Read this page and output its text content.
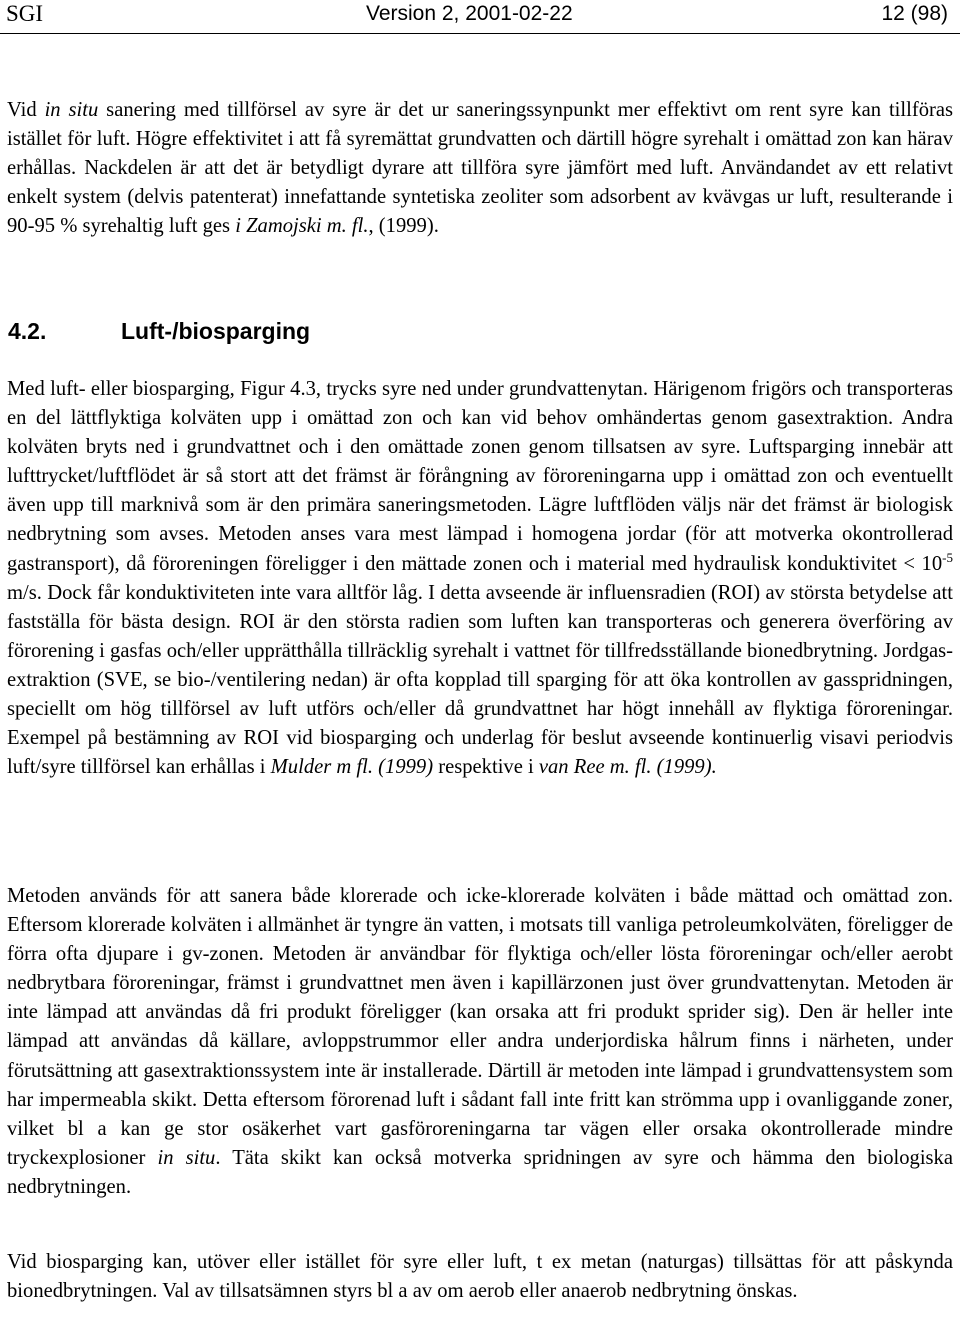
SGI	Version 2, 2001-02-22	12 (98)
Vid in situ sanering med tillförsel av syre är det ur saneringssynpunkt mer effektivt om rent syre kan tillföras istället för luft. Högre effektivitet i att få syremättat grundvatten och därtill högre syrehalt i omättad zon kan härav erhållas. Nackdelen är att det är betydligt dyrare att tillföra syre jämfört med luft. Användandet av ett relativt enkelt system (delvis patenterat) innefattande syntetiska zeoliter som adsorbent av kvävgas ur luft, resulterande i 90-95 % syrehaltig luft ges i Zamojski m. fl., (1999).
4.2.	Luft-/biosparging
Med luft- eller biosparging, Figur 4.3, trycks syre ned under grundvattenytan. Härigenom frigörs och transporteras en del lättflyktiga kolväten upp i omättad zon och kan vid behov omhändertas genom gasextraktion. Andra kolväten bryts ned i grundvattnet och i den omättade zonen genom tillsatsen av syre. Luftsparging innebär att lufttrycket/luftflödet är så stort att det främst är förångning av föroreningarna upp i omättad zon och eventuellt även upp till marknivå som är den primära saneringsmetoden. Lägre luftflöden väljs när det främst är biologisk nedbrytning som avses. Metoden anses vara mest lämpad i homogena jordar (för att motverka okontrollerad gastransport), då föroreningen föreligger i den mättade zonen och i material med hydraulisk konduktivitet < $10^{-5}$ m/s. Dock får konduktiviteten inte vara alltför låg. I detta avseende är influensradien (ROI) av största betydelse att fastställa för bästa design. ROI är den största radien som luften kan transporteras och generera överföring av förorening i gasfas och/eller upprätthålla tillräcklig syrehalt i vattnet för tillfredsställande bionedbrytning. Jordgas-extraktion (SVE, se bio-/ventilering nedan) är ofta kopplad till sparging för att öka kontrollen av gasspridningen, speciellt om hög tillförsel av luft utförs och/eller då grundvattnet har högt innehåll av flyktiga föroreningar. Exempel på bestämning av ROI vid biosparging och underlag för beslut avseende kontinuerlig visavi periodvis luft/syre tillförsel kan erhållas i Mulder m fl. (1999) respektive i van Ree m. fl. (1999).
Metoden används för att sanera både klorerade och icke-klorerade kolväten i både mättad och omättad zon. Eftersom klorerade kolväten i allmänhet är tyngre än vatten, i motsats till vanliga petroleumkolväten, föreligger de förra ofta djupare i gv-zonen. Metoden är användbar för flyktiga och/eller lösta föroreningar och/eller aerobt nedbrytbara föroreningar, främst i grundvattnet men även i kapillärzonen just över grundvattenytan. Metoden är inte lämpad att användas då fri produkt föreligger (kan orsaka att fri produkt sprider sig). Den är heller inte lämpad att användas då källare, avloppstrummor eller andra underjordiska hålrum finns i närheten, under förutsättning att gasextraktionssystem inte är installerade. Därtill är metoden inte lämpad i grundvattensystem som har impermeabla skikt. Detta eftersom förorenad luft i sådant fall inte fritt kan strömma upp i ovanliggande zoner, vilket bl a kan ge stor osäkerhet vart gasföroreningarna tar vägen eller orsaka okontrollerade mindre tryckexplosioner in situ. Täta skikt kan också motverka spridningen av syre och hämma den biologiska nedbrytningen.
Vid biosparging kan, utöver eller istället för syre eller luft, t ex metan (naturgas) tillsättas för att påskynda bionedbrytningen. Val av tillsatsämnen styrs bl a av om aerob eller anaerob nedbrytning önskas.
